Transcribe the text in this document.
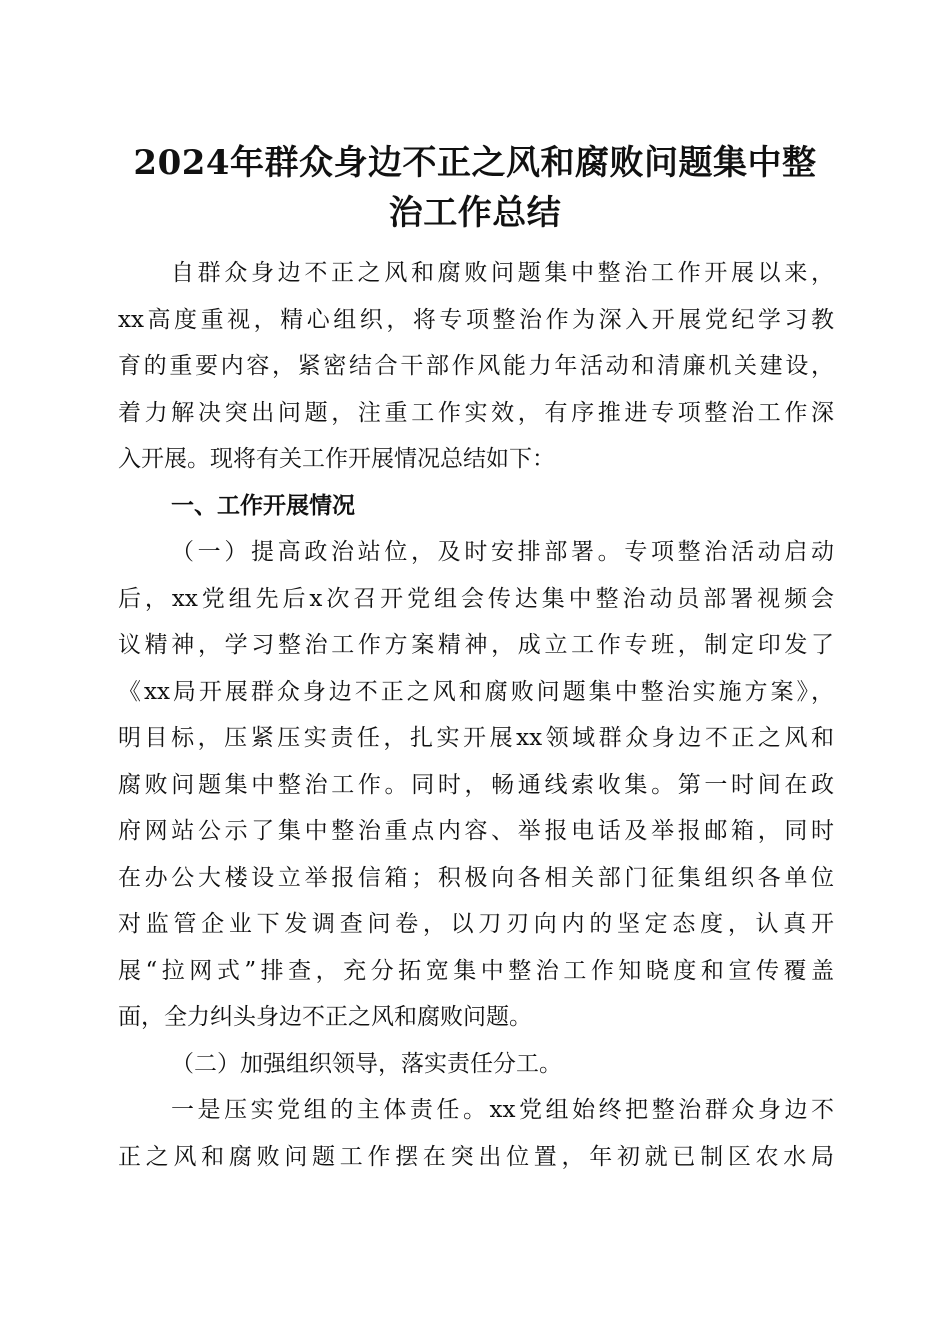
2024年群众身边不正之风和腐败问题集中整
治工作总结
自群众身边不正之风和腐败问题集中整治工作开展以来，
xx高度重视，精心组织，将专项整治作为深入开展党纪学习教
育的重要内容，紧密结合干部作风能力年活动和清廉机关建设，
着力解决突出问题，注重工作实效，有序推进专项整治工作深
入开展。现将有关工作开展情况总结如下：
一、工作开展情况
（一）提高政治站位，及时安排部署。专项整治活动启动
后，xx党组先后x次召开党组会传达集中整治动员部署视频会
议精神，学习整治工作方案精神，成立工作专班，制定印发了
《xx局开展群众身边不正之风和腐败问题集中整治实施方案》，
明目标，压紧压实责任，扎实开展xx领域群众身边不正之风和
腐败问题集中整治工作。同时，畅通线索收集。第一时间在政
府网站公示了集中整治重点内容、举报电话及举报邮箱，同时
在办公大楼设立举报信箱；积极向各相关部门征集组织各单位
对监管企业下发调查问卷，以刀刃向内的坚定态度，认真开
展“拉网式”排查，充分拓宽集中整治工作知晓度和宣传覆盖
面，全力纠头身边不正之风和腐败问题。
（二）加强组织领导，落实责任分工。
一是压实党组的主体责任。xx党组始终把整治群众身边不
正之风和腐败问题工作摆在突出位置，年初就已制区农水局
